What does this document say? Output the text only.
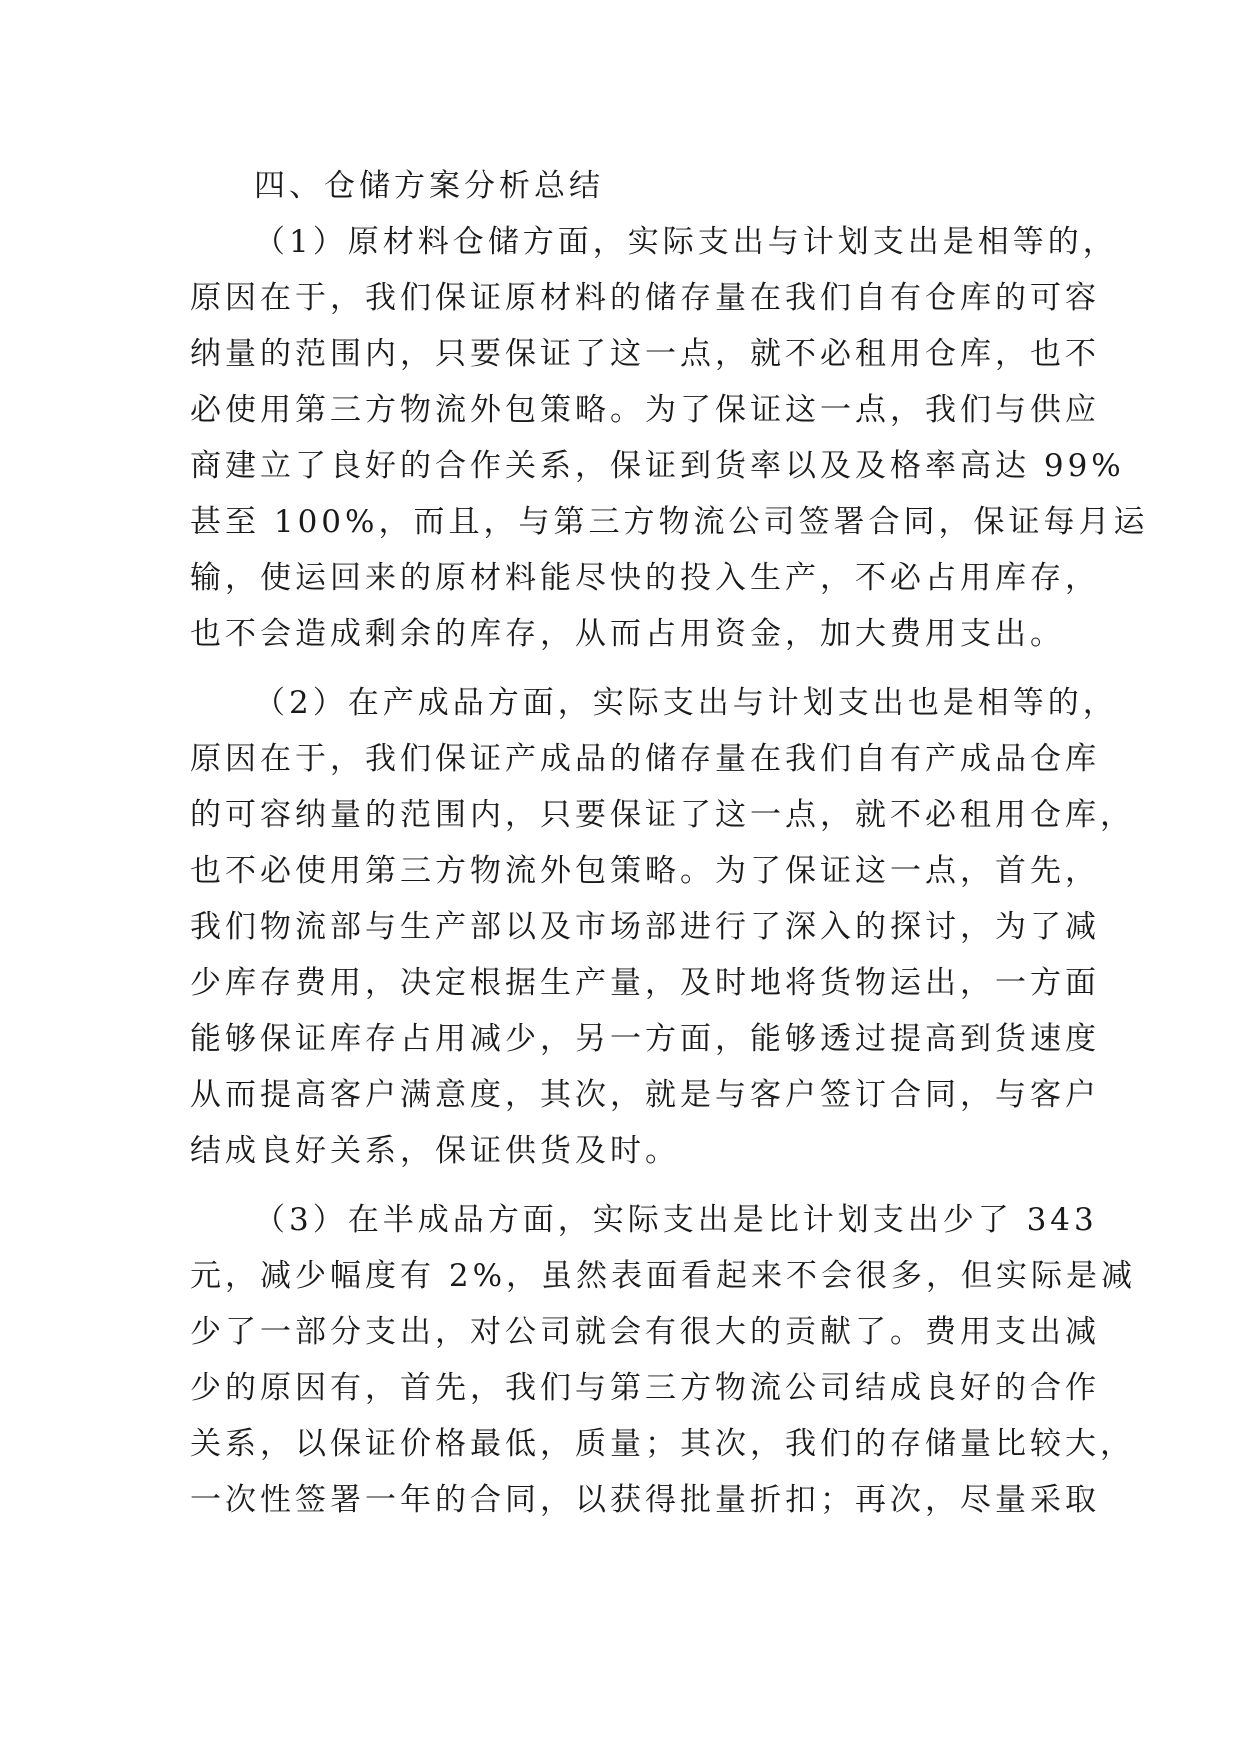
四、仓储方案分析总结
（1）原材料仓储方面，实际支出与计划支出是相等的，
原因在于，我们保证原材料的储存量在我们自有仓库的可容
纳量的范围内，只要保证了这一点，就不必租用仓库，也不
必使用第三方物流外包策略。为了保证这一点，我们与供应
商建立了良好的合作关系，保证到货率以及及格率高达 99%
甚至 100%，而且，与第三方物流公司签署合同，保证每月运
输，使运回来的原材料能尽快的投入生产，不必占用库存，
也不会造成剩余的库存，从而占用资金，加大费用支出。
（2）在产成品方面，实际支出与计划支出也是相等的，
原因在于，我们保证产成品的储存量在我们自有产成品仓库
的可容纳量的范围内，只要保证了这一点，就不必租用仓库，
也不必使用第三方物流外包策略。为了保证这一点，首先，
我们物流部与生产部以及市场部进行了深入的探讨，为了减
少库存费用，决定根据生产量，及时地将货物运出，一方面
能够保证库存占用减少，另一方面，能够透过提高到货速度
从而提高客户满意度，其次，就是与客户签订合同，与客户
结成良好关系，保证供货及时。
（3）在半成品方面，实际支出是比计划支出少了 343
元，减少幅度有 2%，虽然表面看起来不会很多，但实际是减
少了一部分支出，对公司就会有很大的贡献了。费用支出减
少的原因有，首先，我们与第三方物流公司结成良好的合作
关系，以保证价格最低，质量；其次，我们的存储量比较大，
一次性签署一年的合同，以获得批量折扣；再次，尽量采取
